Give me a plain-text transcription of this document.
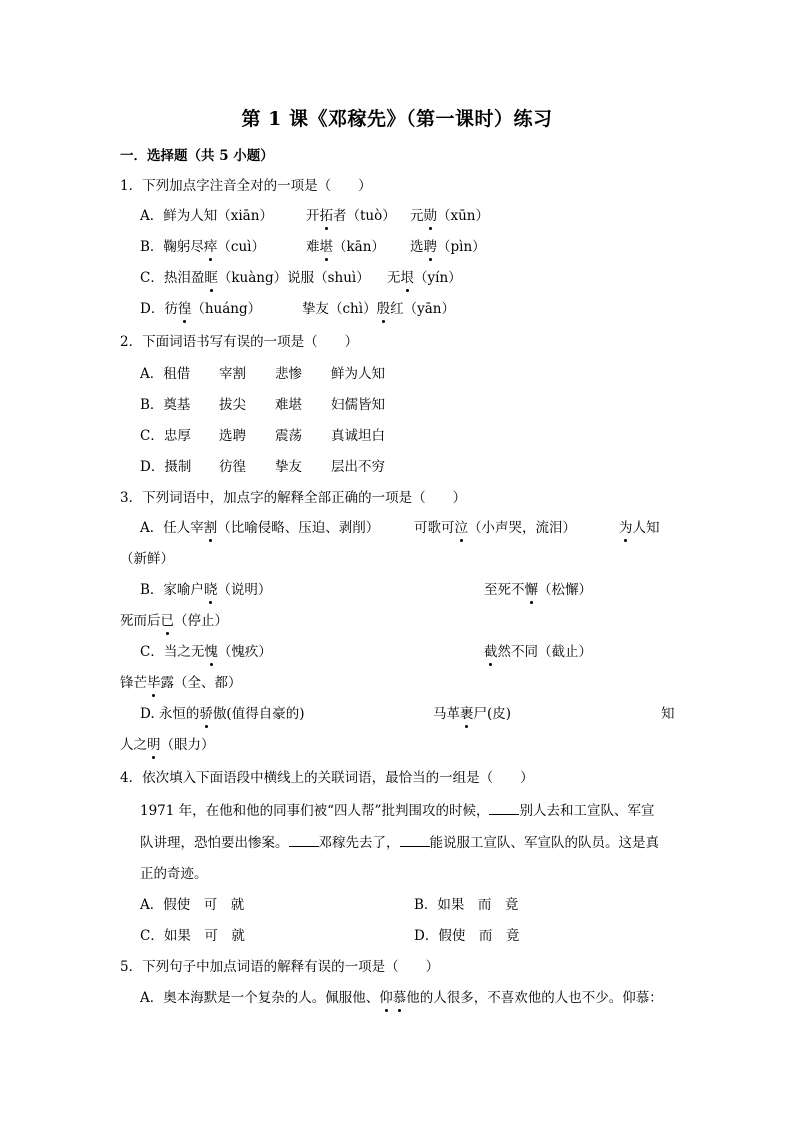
第 1 课《邓稼先》（第一课时）练习
一．选择题（共 5 小题）
1．下列加点字注音全对的一项是（　　）
A．鲜为人知（xiān） 开拓者（tuò） 元勋（xūn）
B．鞠躬尽瘁（cuì）	难堪（kān） 选聘（pìn）
C．热泪盈眶（kuàng）说服（shuì） 无垠（yín）
D．彷徨（huáng）	挚友（chì）殷红（yān）
2．下面词语书写有误的一项是（　　）
A．租借 宰割 悲惨 鲜为人知
B．奠基 拔尖 难堪 妇儒皆知
C．忠厚 选聘 震荡 真诚坦白
D．摄制 彷徨 挚友 层出不穷
3．下列词语中，加点字的解释全部正确的一项是（　　）
A．任人宰割（比喻侵略、压迫、剥削）	可歌可泣（小声哭，流泪）	为人知
（新鲜）
B．家喻户晓（说明）	至死不懈（松懈）
死而后已（停止）
C．当之无愧（愧疚）	截然不同（截止）
锋芒毕露（全、都）
D. 永恒的骄傲(值得自豪的)	马革裹尸(皮)	知
人之明（眼力）
4．依次填入下面语段中横线上的关联词语，最恰当的一组是（　　）
1971 年，在他和他的同事们被“四人帮”批判围攻的时候， 别人去和工宣队、军宣
队讲理，恐怕要出惨案。 邓稼先去了， 能说服工宣队、军宣队的队员。这是真
正的奇迹。
A．假使　可　就	B．如果　而　竟
C．如果　可　就	D．假使　而　竟
5．下列句子中加点词语的解释有误的一项是（　　）
A．奥本海默是一个复杂的人。佩服他、仰慕他的人很多，不喜欢他的人也不少。仰慕：
